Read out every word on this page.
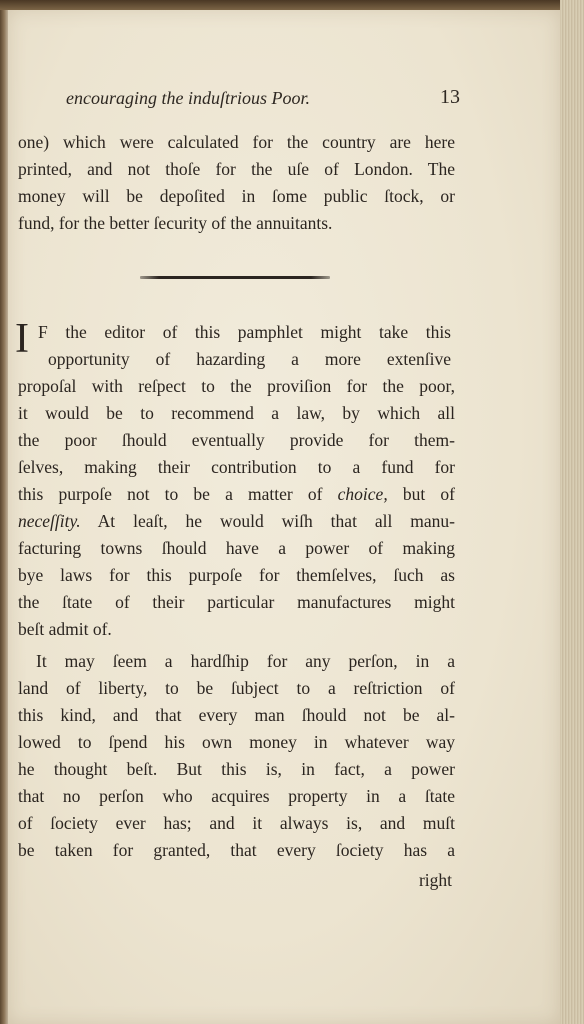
encouraging the induſtrious Poor.	13
one) which were calculated for the country are here
printed, and not thoſe for the uſe of London. The
money will be depoſited in ſome public ſtock, or
fund, for the better ſecurity of the annuitants.
I F the editor of this pamphlet might take this
opportunity of hazarding a more extenſive
propoſal with reſpect to the proviſion for the poor,
it would be to recommend a law, by which all
the poor ſhould eventually provide for them-
ſelves, making their contribution to a fund for
this purpoſe not to be a matter of choice, but of
neceſſity. At leaſt, he would wiſh that all manu-
facturing towns ſhould have a power of making
bye laws for this purpoſe for themſelves, ſuch as
the ſtate of their particular manufactures might
beſt admit of.
It may ſeem a hardſhip for any perſon, in a
land of liberty, to be ſubject to a reſtriction of
this kind, and that every man ſhould not be al-
lowed to ſpend his own money in whatever way
he thought beſt. But this is, in fact, a power
that no perſon who acquires property in a ſtate
of ſociety ever has; and it always is, and muſt
be taken for granted, that every ſociety has a
right
